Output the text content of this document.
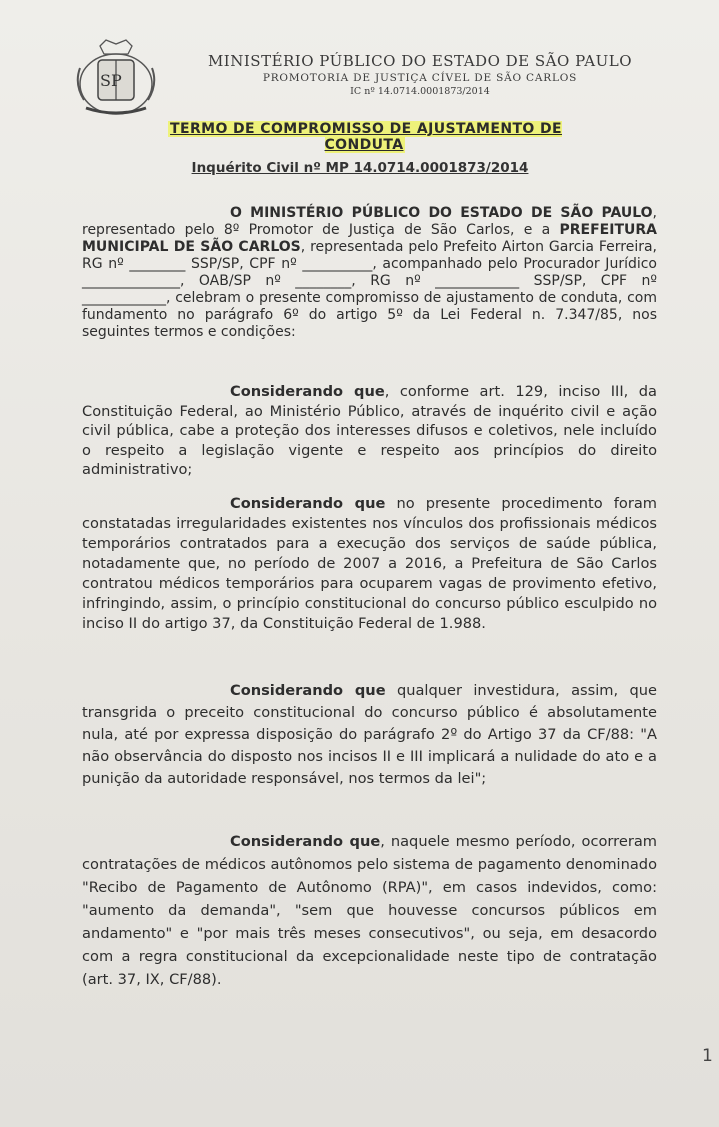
SP
MINISTÉRIO PÚBLICO DO ESTADO DE SÃO PAULO
PROMOTORIA DE JUSTIÇA CÍVEL DE SÃO CARLOS
IC nº 14.0714.0001873/2014
TERMO DE COMPROMISSO DE AJUSTAMENTO DE CONDUTA
Inquérito Civil nº MP 14.0714.0001873/2014
O MINISTÉRIO PÚBLICO DO ESTADO DE SÃO PAULO, representado pelo 8º Promotor de Justiça de São Carlos, e a PREFEITURA MUNICIPAL DE SÃO CARLOS, representada pelo Prefeito Airton Garcia Ferreira, RG nº ________ SSP/SP, CPF nº __________, acompanhado pelo Procurador Jurídico ______________, OAB/SP nº ________, RG nº ____________ SSP/SP, CPF nº ____________, celebram o presente compromisso de ajustamento de conduta, com fundamento no parágrafo 6º do artigo 5º da Lei Federal n. 7.347/85, nos seguintes termos e condições:
Considerando que, conforme art. 129, inciso III, da Constituição Federal, ao Ministério Público, através de inquérito civil e ação civil pública, cabe a proteção dos interesses difusos e coletivos, nele incluído o respeito a legislação vigente e respeito aos princípios do direito administrativo;
Considerando que no presente procedimento foram constatadas irregularidades existentes nos vínculos dos profissionais médicos temporários contratados para a execução dos serviços de saúde pública, notadamente que, no período de 2007 a 2016, a Prefeitura de São Carlos contratou médicos temporários para ocuparem vagas de provimento efetivo, infringindo, assim, o princípio constitucional do concurso público esculpido no inciso II do artigo 37, da Constituição Federal de 1.988.
Considerando que qualquer investidura, assim, que transgrida o preceito constitucional do concurso público é absolutamente nula, até por expressa disposição do parágrafo 2º do Artigo 37 da CF/88: "A não observância do disposto nos incisos II e III implicará a nulidade do ato e a punição da autoridade responsável, nos termos da lei";
Considerando que, naquele mesmo período, ocorreram contratações de médicos autônomos pelo sistema de pagamento denominado "Recibo de Pagamento de Autônomo (RPA)", em casos indevidos, como: "aumento da demanda", "sem que houvesse concursos públicos em andamento" e "por mais três meses consecutivos", ou seja, em desacordo com a regra constitucional da excepcionalidade neste tipo de contratação (art. 37, IX, CF/88).
1
